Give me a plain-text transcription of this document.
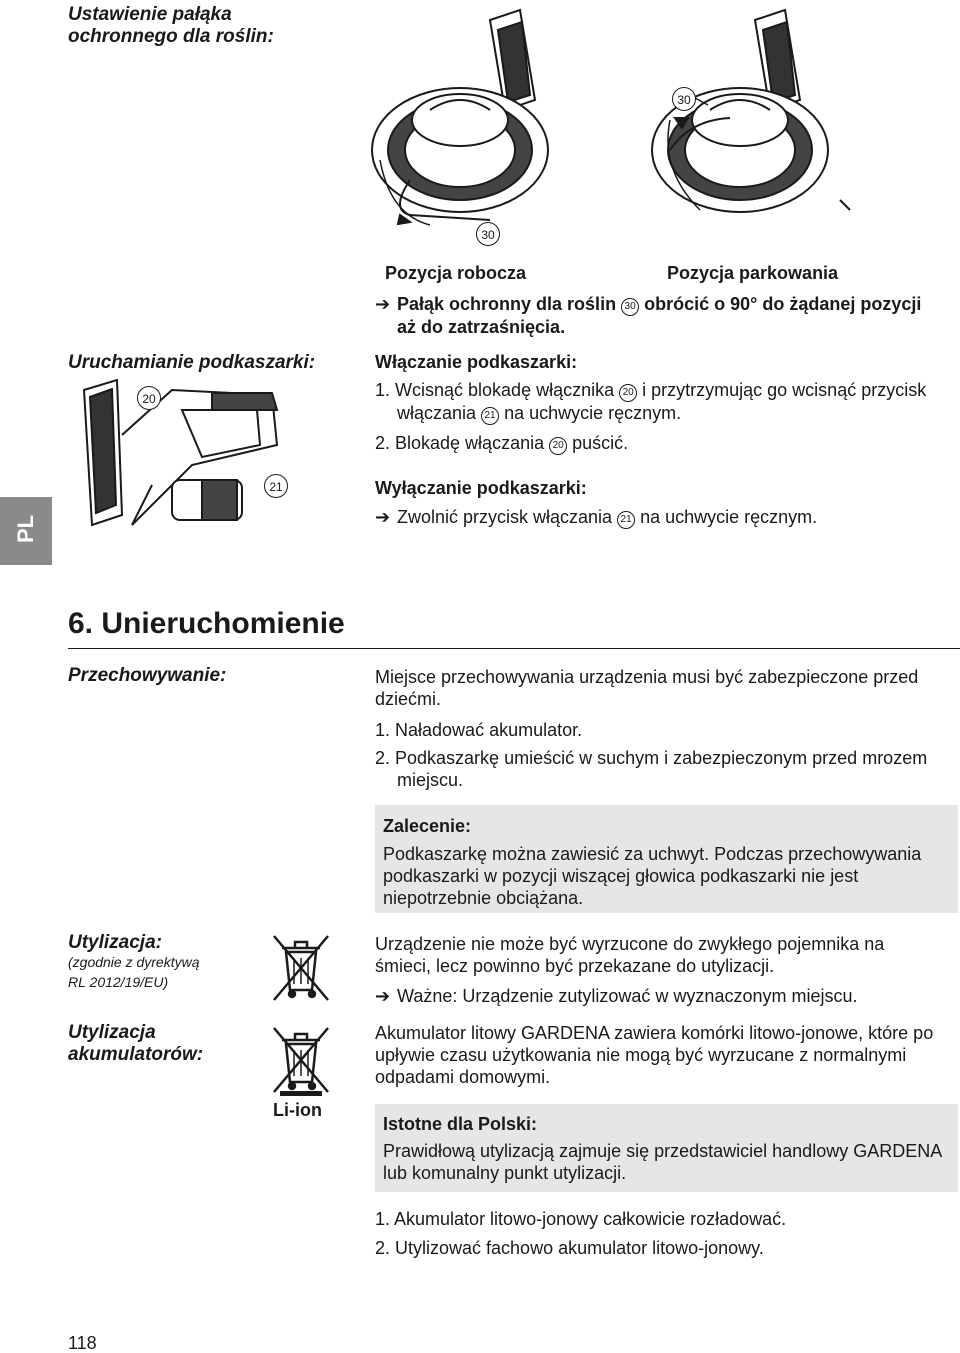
Ustawienie pałąka ochronnego dla roślin:
30
30
Pozycja robocza	Pozycja parkowania
➔ Pałąk ochronny dla roślin 30 obrócić o 90° do żądanej pozycji aż do zatrzaśnięcia.
Uruchamianie podkaszarki:
20
21
Włączanie podkaszarki:
1. Wcisnąć blokadę włącznika 20 i przytrzymując go wcisnąć przycisk włączania 21 na uchwycie ręcznym.
2. Blokadę włączania 20 puścić.
Wyłączanie podkaszarki:
➔ Zwolnić przycisk włączania 21 na uchwycie ręcznym.
PL
6. Unieruchomienie
Przechowywanie:	Miejsce przechowywania urządzenia musi być zabezpieczone przed dziećmi.
1. Naładować akumulator.
2. Podkaszarkę umieścić w suchym i zabezpieczonym przed mrozem miejscu.
Zalecenie:
Podkaszarkę można zawiesić za uchwyt. Podczas przechowywania podkaszarki w pozycji wiszącej głowica podkaszarki nie jest niepotrzebnie obciążana.
Utylizacja:
(zgodnie z dyrektywą RL 2012/19/EU)
Urządzenie nie może być wyrzucone do zwykłego pojemnika na śmieci, lecz powinno być przekazane do utylizacji.
➔ Ważne: Urządzenie zutylizować w wyznaczonym miejscu.
Utylizacja akumulatorów:
Li-ion
Akumulator litowy GARDENA zawiera komórki litowo-jonowe, które po upływie czasu użytkowania nie mogą być wyrzucane z normalnymi odpadami domowymi.
Istotne dla Polski:
Prawidłową utylizacją zajmuje się przedstawiciel handlowy GARDENA lub komunalny punkt utylizacji.
1. Akumulator litowo-jonowy całkowicie rozładować.
2. Utylizować fachowo akumulator litowo-jonowy.
118
